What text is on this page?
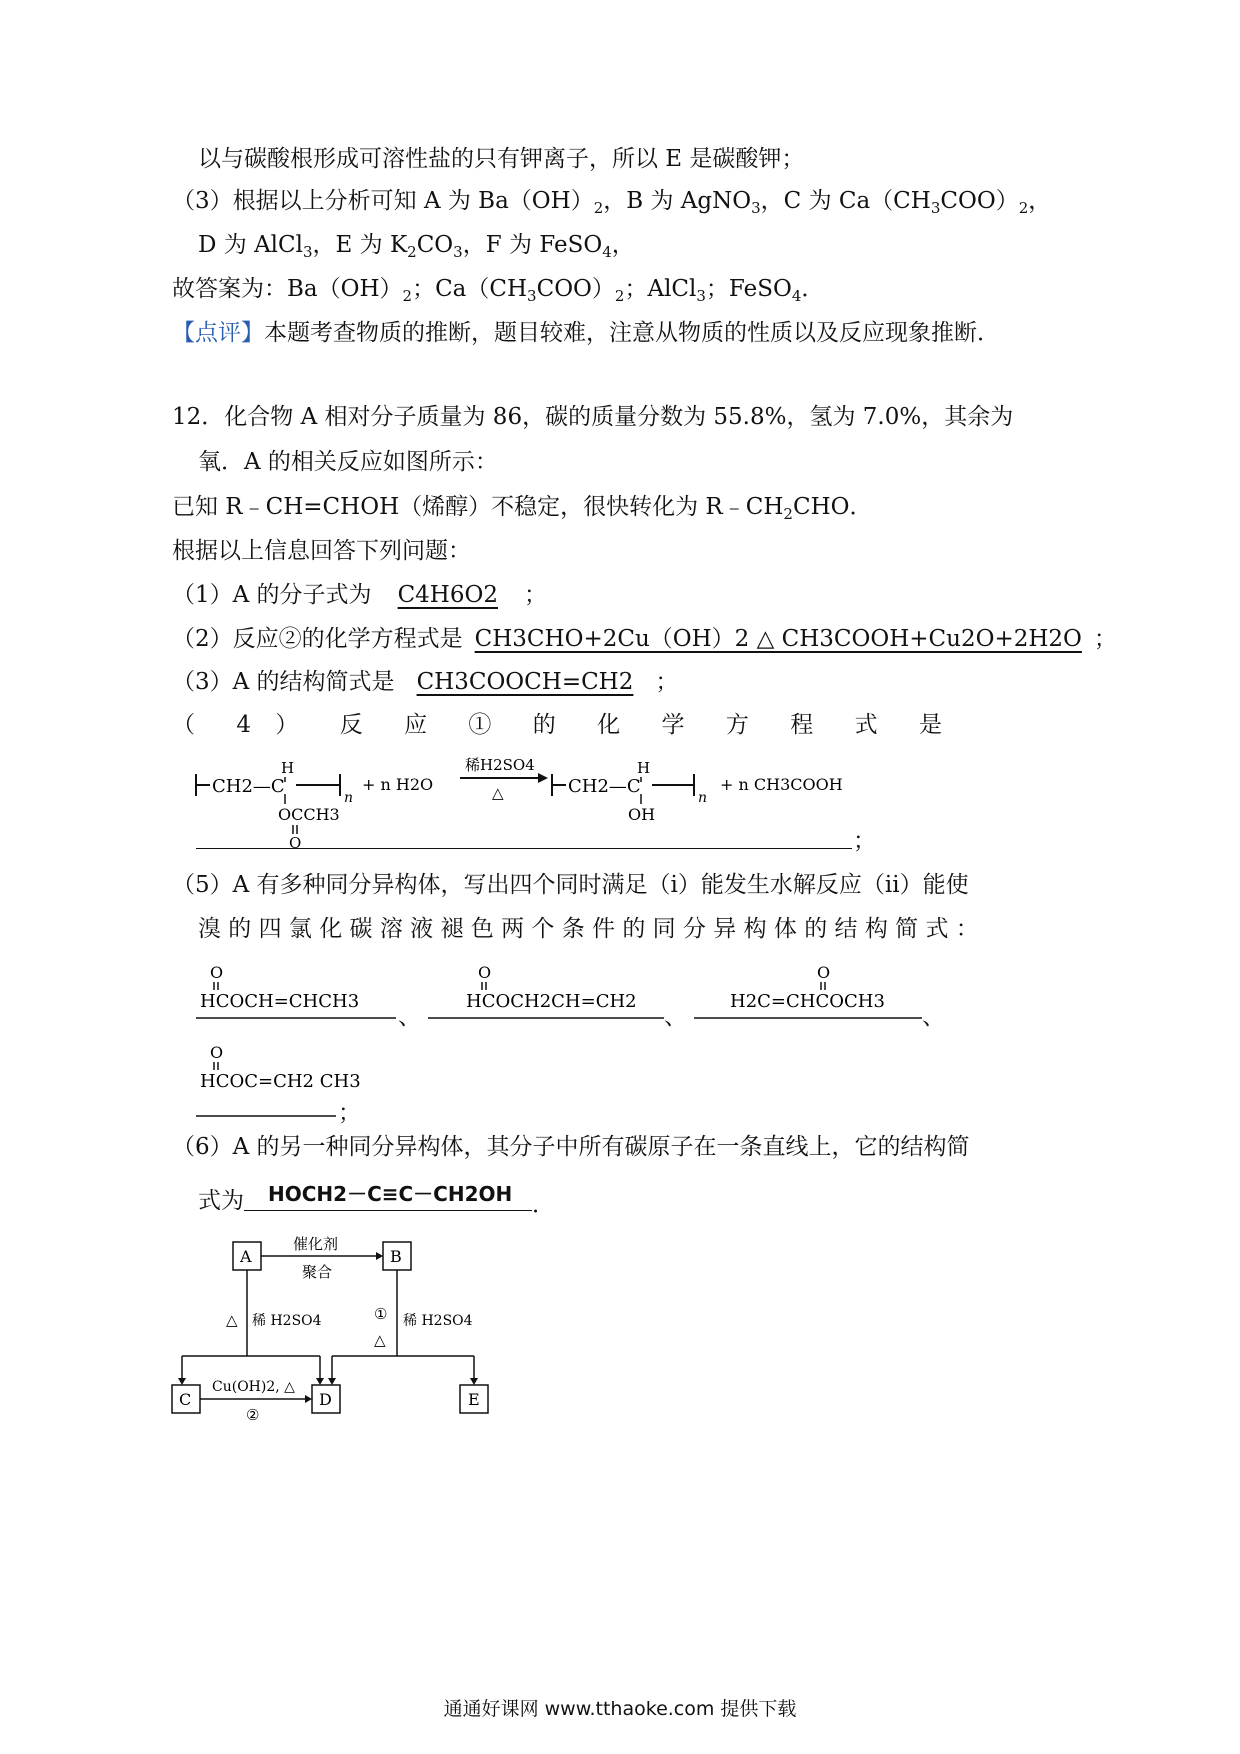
以与碳酸根形成可溶性盐的只有钾离子，所以 E 是碳酸钾；
（3）根据以上分析可知 A 为 $Ba(OH)_2$，B 为 AgNO$_3$，C 为 $Ca(CH_3COO)_2$，
D 为 AlCl$_3$，E 为 $K_2CO_3$，F 为 FeSO$_4$，
故答案为：$Ba(OH)_2$；$Ca(CH_3COO)_2$；AlCl$_3$；FeSO$_4$．
【点评】本题考查物质的推断，题目较难，注意从物质的性质以及反应现象推断．
12．化合物 A 相对分子质量为 86，碳的质量分数为 55.8%，氢为 7.0%，其余为
氧．A 的相关反应如图所示：
已知 R﹣CH=CHOH（烯醇）不稳定，很快转化为 $R﹣CH_2CHO$．
根据以上信息回答下列问题：
（1）A 的分子式为 C4H6O2 ；
（2）反应②的化学方程式是 CH3CHO+2Cu（OH）2 △ CH3COOH+Cu2O+2H2O ；
（3）A 的结构简式是 CH3COOCH=CH2 ；
（ 4 ） 反 应 ① 的 化 学 方 程 式 是
CH2—C
H
n
OCCH3
O
+ n H2O
稀H2SO4
△	CH2—C
H
n
OH
+ n CH3COOH
；
（5）A 有多种同分异构体，写出四个同时满足（i）能发生水解反应（ii）能使
溴 的 四 氯 化 碳 溶 液 褪 色 两 个 条 件 的 同 分 异 构 体 的 结 构 简 式 ：
O
HCOCH=CHCH3
O
HCOCH2CH=CH2
O
H2C=CHCOCH3
O
HCOC=CH2 CH3
、	、	、
；
（6）A 的另一种同分异构体，其分子中所有碳原子在一条直线上，它的结构简
式为 HOCH2－C≡C－CH2OH ．
A	B
催化剂
聚合
△ 稀 H2SO4	①
△
稀 H2SO4
C	D	E
Cu(OH)2, △
②
通通好课网 www.tthaoke.com 提供下载
